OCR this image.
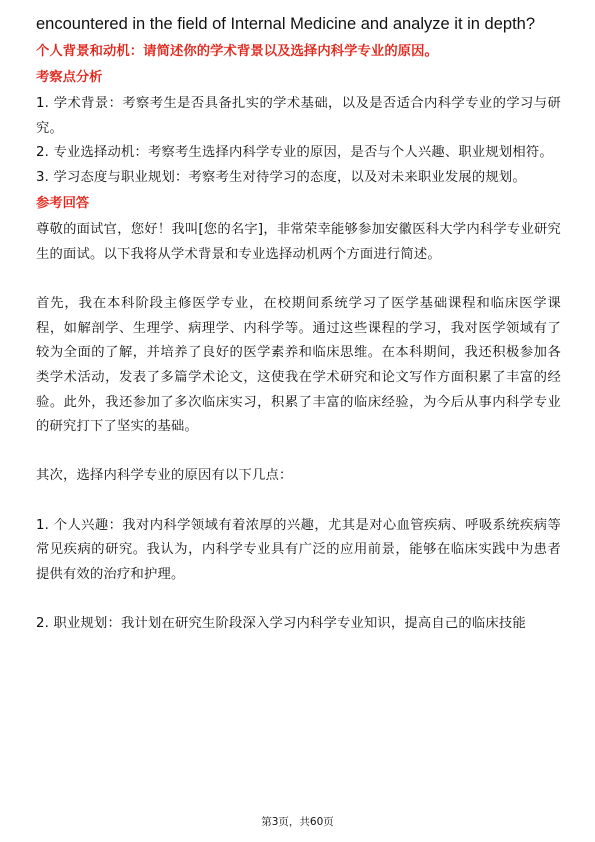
encountered in the field of Internal Medicine and analyze it in depth?

个人背景和动机：请简述你的学术背景以及选择内科学专业的原因。

考察点分析

1. 学术背景：考察考生是否具备扎实的学术基础，以及是否适合内科学专业的学习与研究。

2. 专业选择动机：考察考生选择内科学专业的原因，是否与个人兴趣、职业规划相符。

3. 学习态度与职业规划：考察考生对待学习的态度，以及对未来职业发展的规划。

参考回答

尊敬的面试官，您好！我叫[您的名字]，非常荣幸能够参加安徽医科大学内科学专业研究生的面试。以下我将从学术背景和专业选择动机两个方面进行简述。

首先，我在本科阶段主修医学专业，在校期间系统学习了医学基础课程和临床医学课程，如解剖学、生理学、病理学、内科学等。通过这些课程的学习，我对医学领域有了较为全面的了解，并培养了良好的医学素养和临床思维。在本科期间，我还积极参加各类学术活动，发表了多篇学术论文，这使我在学术研究和论文写作方面积累了丰富的经验。此外，我还参加了多次临床实习，积累了丰富的临床经验，为今后从事内科学专业的研究打下了坚实的基础。

其次，选择内科学专业的原因有以下几点：

1. 个人兴趣：我对内科学领域有着浓厚的兴趣，尤其是对心血管疾病、呼吸系统疾病等常见疾病的研究。我认为，内科学专业具有广泛的应用前景，能够在临床实践中为患者提供有效的治疗和护理。

2. 职业规划：我计划在研究生阶段深入学习内科学专业知识，提高自己的临床技能

第3页，共60页
